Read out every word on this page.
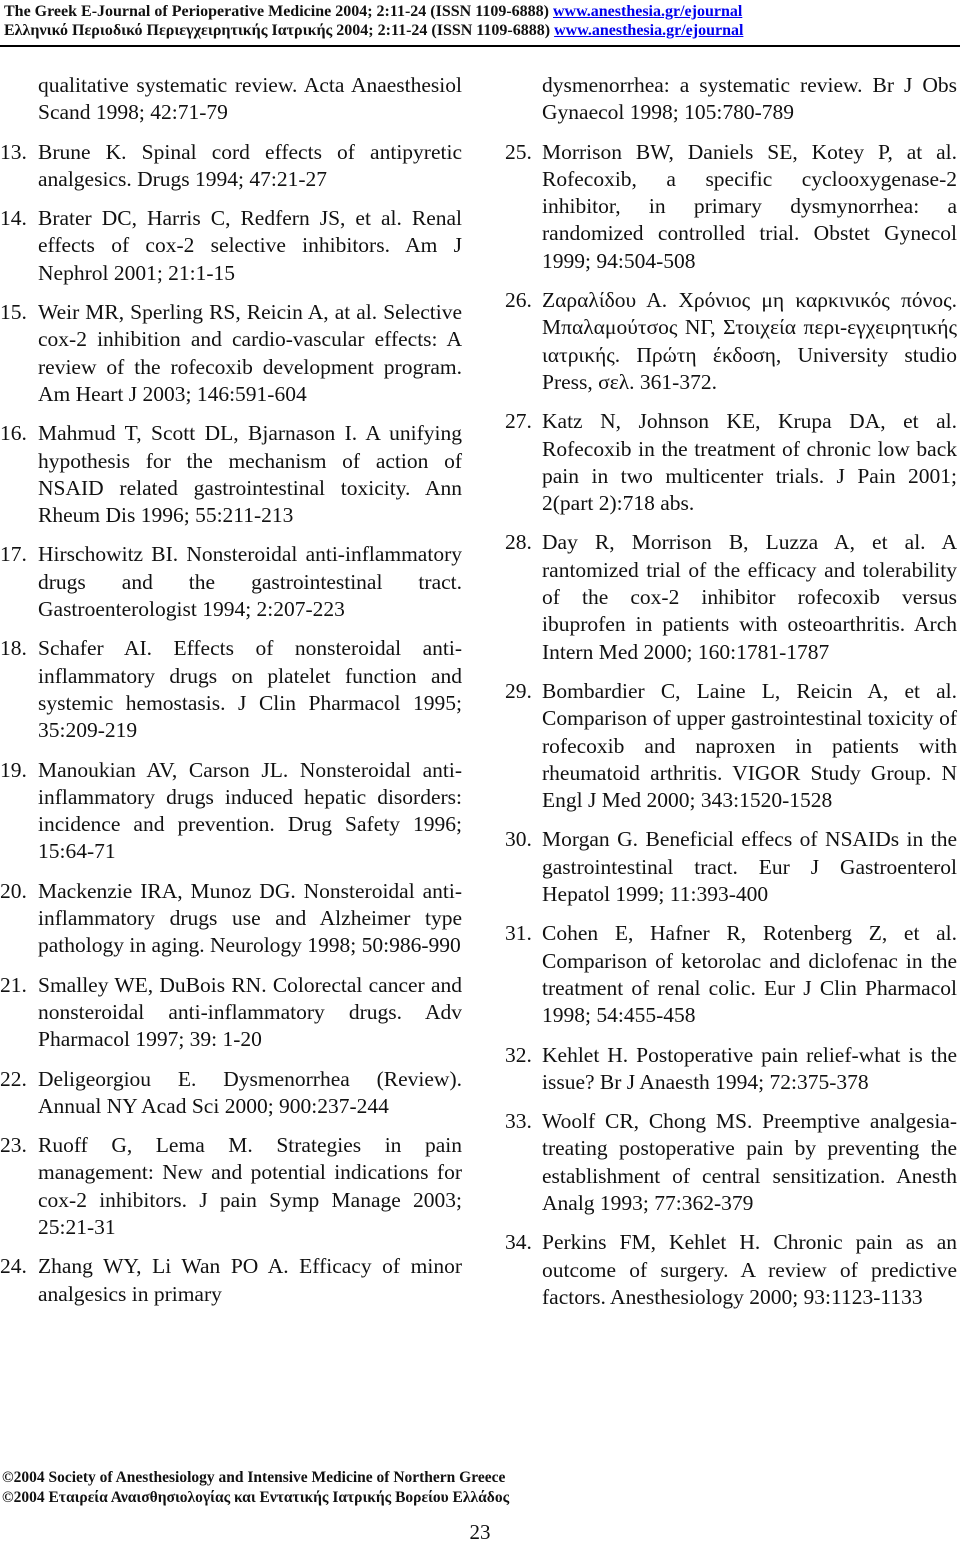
The Greek E-Journal of Perioperative Medicine 2004; 2:11-24 (ISSN 1109-6888) www.anesthesia.gr/ejournal
Ελληνικό Περιοδικό Περιεγχειρητικής Ιατρικής 2004; 2:11-24 (ISSN 1109-6888) www.anesthesia.gr/ejournal
qualitative systematic review. Acta Anaesthesiol Scand 1998; 42:71-79
13. Brune K. Spinal cord effects of antipyretic analgesics. Drugs 1994; 47:21-27
14. Brater DC, Harris C, Redfern JS, et al. Renal effects of cox-2 selective inhibitors. Am J Nephrol 2001; 21:1-15
15. Weir MR, Sperling RS, Reicin A, at al. Selective cox-2 inhibition and cardio-vascular effects: A review of the rofecoxib development program. Am Heart J 2003; 146:591-604
16. Mahmud T, Scott DL, Bjarnason I. A unifying hypothesis for the mechanism of action of NSAID related gastrointestinal toxicity. Ann Rheum Dis 1996; 55:211-213
17. Hirschowitz BI. Nonsteroidal anti-inflammatory drugs and the gastrointestinal tract. Gastroenterologist 1994; 2:207-223
18. Schafer AI. Effects of nonsteroidal anti-inflammatory drugs on platelet function and systemic hemostasis. J Clin Pharmacol 1995; 35:209-219
19. Manoukian AV, Carson JL. Nonsteroidal anti-inflammatory drugs induced hepatic disorders: incidence and prevention. Drug Safety 1996; 15:64-71
20. Mackenzie IRA, Munoz DG. Nonsteroidal anti-inflammatory drugs use and Alzheimer type pathology in aging. Neurology 1998; 50:986-990
21. Smalley WE, DuBois RN. Colorectal cancer and nonsteroidal anti-inflammatory drugs. Adv Pharmacol 1997; 39: 1-20
22. Deligeorgiou E. Dysmenorrhea (Review). Annual NY Acad Sci 2000; 900:237-244
23. Ruoff G, Lema M. Strategies in pain management: New and potential indications for cox-2 inhibitors. J pain Symp Manage 2003; 25:21-31
24. Zhang WY, Li Wan PO A. Efficacy of minor analgesics in primary
dysmenorrhea: a systematic review. Br J Obs Gynaecol 1998; 105:780-789
25. Morrison BW, Daniels SE, Kotey P, at al. Rofecoxib, a specific cyclooxygenase-2 inhibitor, in primary dysmynorrhea: a randomized controlled trial. Obstet Gynecol 1999; 94:504-508
26. Ζαραλίδου Α. Χρόνιος μη καρκινικός πόνος. Μπαλαμούτσος ΝΓ, Στοιχεία περι-εγχειρητικής ιατρικής. Πρώτη έκδοση, University studio Press, σελ. 361-372.
27. Katz N, Johnson KE, Krupa DA, et al. Rofecoxib in the treatment of chronic low back pain in two multicenter trials. J Pain 2001; 2(part 2):718 abs.
28. Day R, Morrison B, Luzza A, et al. A rantomized trial of the efficacy and tolerability of the cox-2 inhibitor rofecoxib versus ibuprofen in patients with osteoarthritis. Arch Intern Med 2000; 160:1781-1787
29. Bombardier C, Laine L, Reicin A, et al. Comparison of upper gastrointestinal toxicity of rofecoxib and naproxen in patients with rheumatoid arthritis. VIGOR Study Group. N Engl J Med 2000; 343:1520-1528
30. Morgan G. Beneficial effecs of NSAIDs in the gastrointestinal tract. Eur J Gastroenterol Hepatol 1999; 11:393-400
31. Cohen E, Hafner R, Rotenberg Z, et al. Comparison of ketorolac and diclofenac in the treatment of renal colic. Eur J Clin Pharmacol 1998; 54:455-458
32. Kehlet H. Postoperative pain relief-what is the issue? Br J Anaesth 1994; 72:375-378
33. Woolf CR, Chong MS. Preemptive analgesia-treating postoperative pain by preventing the establishment of central sensitization. Anesth Analg 1993; 77:362-379
34. Perkins FM, Kehlet H. Chronic pain as an outcome of surgery. A review of predictive factors. Anesthesiology 2000; 93:1123-1133
©2004 Society of Anesthesiology and Intensive Medicine of Northern Greece
©2004 Εταιρεία Αναισθησιολογίας και Εντατικής Ιατρικής Βορείου Ελλάδος
23
